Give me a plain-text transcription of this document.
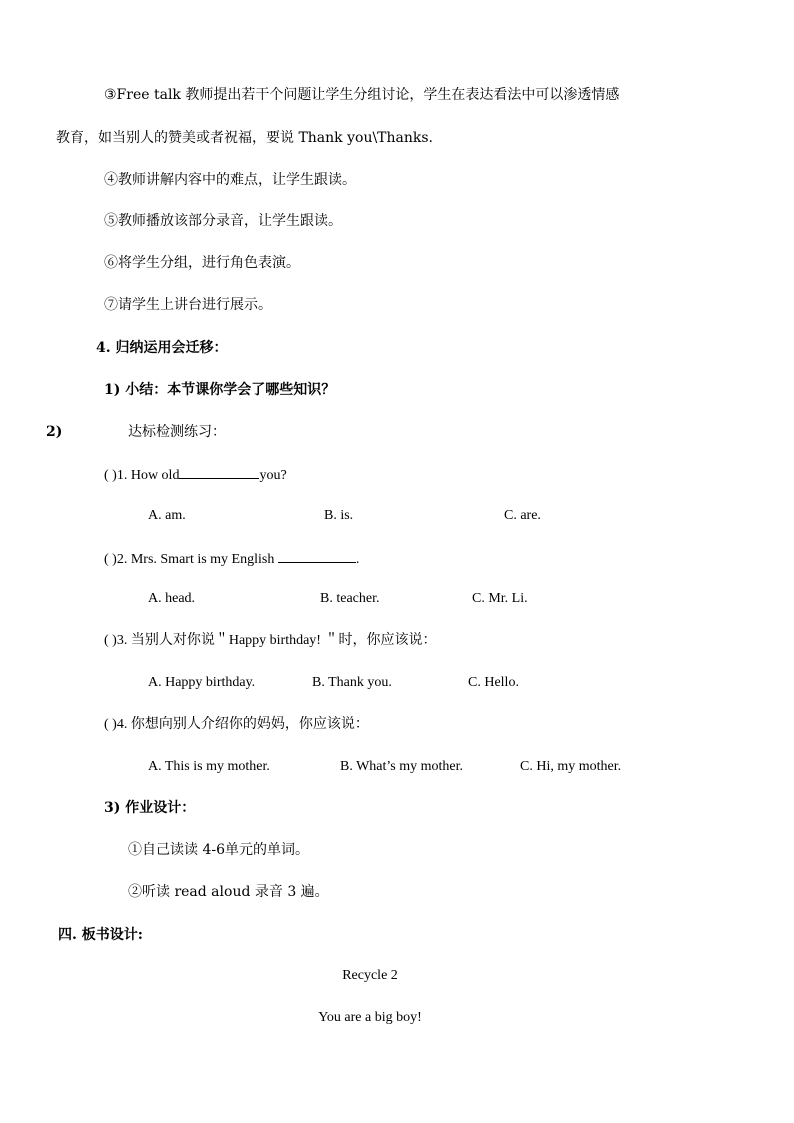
③Free talk 教师提出若干个问题让学生分组讨论，学生在表达看法中可以渗透情感
教育，如当别人的赞美或者祝福，要说 Thank you\Thanks.
④教师讲解内容中的难点，让学生跟读。
⑤教师播放该部分录音，让学生跟读。
⑥将学生分组，进行角色表演。
⑦请学生上讲台进行展示。
4. 归纳运用会迁移：
1) 小结：本节课你学会了哪些知识？
2)	达标检测练习：
( )1. How old	you?
A. am.	B. is.	C. are.
( )2. Mrs. Smart is my English	.
A. head.	B. teacher.	C. Mr. Li.
( )3. 当别人对你说＂Happy birthday! ＂时，你应该说：
A. Happy birthday.	B. Thank you.	C. Hello.
( )4. 你想向别人介绍你的妈妈，你应该说：
A. This is my mother.	B. What’s my mother.	C. Hi, my mother.
3) 作业设计：
①自己读读 4-6单元的单词。
②听读 read aloud 录音 3 遍。
四. 板书设计:
Recycle 2
You are a big boy!
